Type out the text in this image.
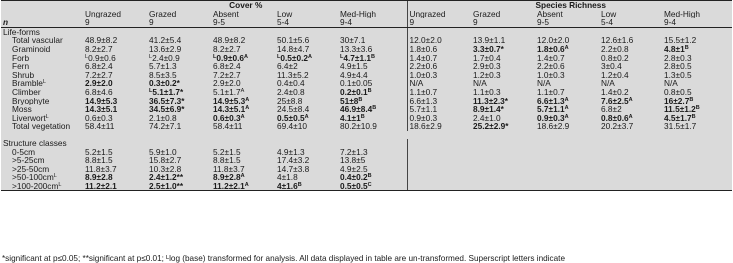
	Cover %					Species Richness				
	Ungrazed	Grazed	Absent	Low	Med-High	Ungrazed	Grazed	Absent	Low	Med-High
n	9	9	9-5	5-4	9-4	9	9	9-5	5-4	9-4
Life-forms										
Total vascular	48.9±8.2	41.2±5.4	48.9±8.2	50.1±5.6	30±7.1	12.0±2.0	13.9±1.1	12.0±2.0	12.6±1.6	15.5±1.2
Graminoid	8.2±2.7	13.6±2.9	8.2±2.7	14.8±4.7	13.3±3.6	1.8±0.6	3.3±0.7*	$1.8\pm 0.6^A$	2.2±0.8	$4.8\pm 1^B$
Forb	$^L$0.9±0.6	$^L$2.4±0.9	$^L0.9\pm 0.6^A$	$^L0.5\pm 0.2^A$	$^L4.7\pm 1.1^B$	1.4±0.7	1.7±0.4	1.4±0.7	0.8±0.2	2.8±0.3
Fern	6.8±2.4	5.7±1.3	6.8±2.4	6.4±2	4.9±1.5	2.2±0.6	2.9±0.3	2.2±0.6	3±0.4	2.8±0.5
Shrub	7.2±2.7	8.5±3.5	7.2±2.7	11.3±5.2	4.9±4.4	1.0±0.3	1.2±0.3	1.0±0.3	1.2±0.4	1.3±0.5
Bramble$^L$	2.9±2.0	0.3±0.2*	2.9±2.0	0.4±0.4	0.1±0.05	N/A	N/A	N/A	N/A	N/A
Climber	6.8±4.6	$^L$5.1±1.7*	$5.1\pm 1.7^A$	2.4±0.8	$0.2\pm 0.1^B$	1.1±0.7	1.1±0.3	1.1±0.7	1.4±0.2	0.8±0.5
Bryophyte	14.9±5.3	36.5±7.3*	$14.9\pm 5.3^A$	25±8.8	$51\pm 8^B$	6.6±1.3	11.3±2.3*	$6.6\pm 1.3^A$	$7.6\pm 2.5^A$	$16\pm 2.7^B$
Moss	14.3±5.1	34.5±6.9*	$14.3\pm 5.1^A$	24.5±8.4	$46.9\pm 8.4^B$	5.7±1.1	8.9±1.4*	$5.7\pm 1.1^A$	6.8±2	$11.5\pm 1.2^B$
Liverwort$^L$	0.6±0.3	2.1±0.8	$0.6\pm 0.3^A$	$0.5\pm 0.5^A$	$4.1\pm 1^B$	0.9±0.3	2.4±1.0	$0.9\pm 0.3^A$	$0.8\pm 0.6^A$	$4.5\pm 1.7^B$
Total vegetation	58.4±11	74.2±7.1	58.4±11	69.4±10	80.2±10.9	18.6±2.9	25.2±2.9*	18.6±2.9	20.2±3.7	31.5±1.7

Structure classes										
0-5cm	5.2±1.5	5.9±1.0	5.2±1.5	4.9±1.3	7.2±1.3					
>5-25cm	8.8±1.5	15.8±2.7	8.8±1.5	17.4±3.2	13.8±5					
>25-50cm	11.8±3.7	10.3±2.8	11.8±3.7	14.7±3.8	4.9±2.5					
$>50-100cm^L$	8.9±2.8	2.4±1.2**	$8.9\pm 2.8^A$	4±1.8	$0.4\pm 0.2^B$					
$>100-200cm^L$	11.2±2.1	2.5±1.0**	$11.2\pm 2.1^A$	$4\pm 1.6^B$	$0.5\pm 0.5^C$					
*significant at p≤0.05; **significant at p≤0.01; ᴸlog (base) transformed for analysis. All data displayed in table are un-transformed. Superscript letters indicate
